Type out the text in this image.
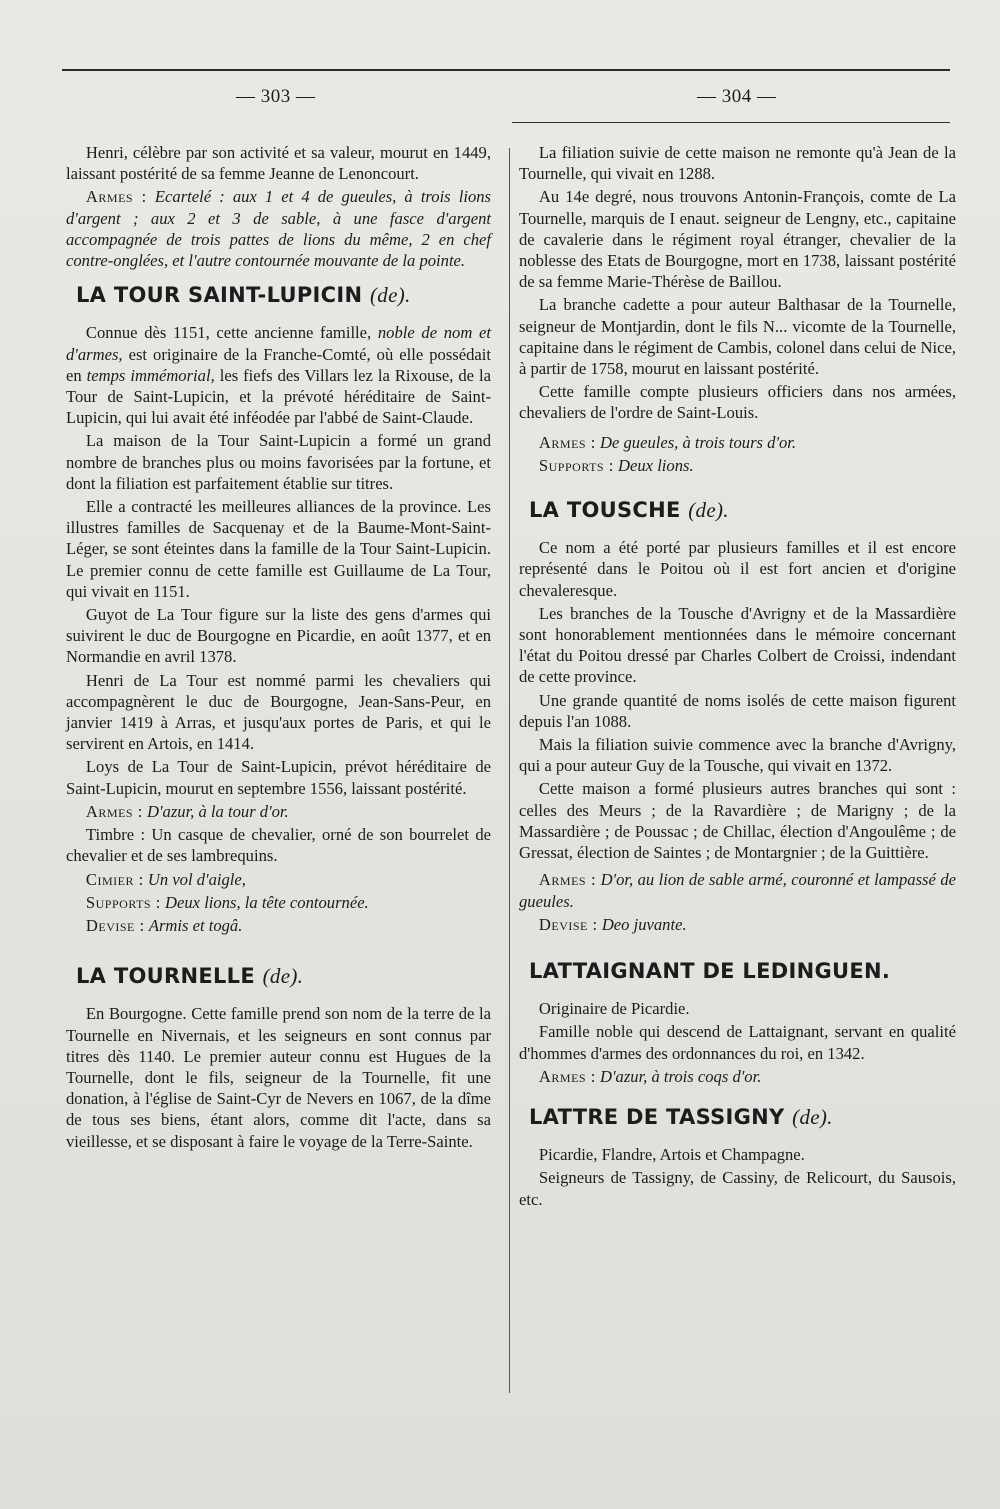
— 303 —	— 304 —

Henri, célèbre par son activité et sa valeur, mourut en 1449, laissant postérité de sa femme Jeanne de Lenoncourt.

Armes : Ecartelé : aux 1 et 4 de gueules, à trois lions d'argent ; aux 2 et 3 de sable, à une fasce d'argent accompagnée de trois pattes de lions du même, 2 en chef contre-onglées, et l'autre contournée mouvante de la pointe.

LA TOUR SAINT-LUPICIN (de).

Connue dès 1151, cette ancienne famille, noble de nom et d'armes, est originaire de la Franche-Comté, où elle possédait en temps immémorial, les fiefs des Villars lez la Rixouse, de la Tour de Saint-Lupicin, et la prévoté héréditaire de Saint-Lupicin, qui lui avait été inféodée par l'abbé de Saint-Claude.

La maison de la Tour Saint-Lupicin a formé un grand nombre de branches plus ou moins favorisées par la fortune, et dont la filiation est parfaitement établie sur titres.

Elle a contracté les meilleures alliances de la province. Les illustres familles de Sacquenay et de la Baume-Mont-Saint-Léger, se sont éteintes dans la famille de la Tour Saint-Lupicin. Le premier connu de cette famille est Guillaume de La Tour, qui vivait en 1151.

Guyot de La Tour figure sur la liste des gens d'armes qui suivirent le duc de Bourgogne en Picardie, en août 1377, et en Normandie en avril 1378.

Henri de La Tour est nommé parmi les chevaliers qui accompagnèrent le duc de Bourgogne, Jean-Sans-Peur, en janvier 1419 à Arras, et jusqu'aux portes de Paris, et qui le servirent en Artois, en 1414.

Loys de La Tour de Saint-Lupicin, prévot héréditaire de Saint-Lupicin, mourut en septembre 1556, laissant postérité.

Armes : D'azur, à la tour d'or.

Timbre : Un casque de chevalier, orné de son bourrelet de chevalier et de ses lambrequins.

Cimier : Un vol d'aigle,

Supports : Deux lions, la tête contournée.

Devise : Armis et togâ.

LA TOURNELLE (de).

En Bourgogne. Cette famille prend son nom de la terre de la Tournelle en Nivernais, et les seigneurs en sont connus par titres dès 1140. Le premier auteur connu est Hugues de la Tournelle, dont le fils, seigneur de la Tournelle, fit une donation, à l'église de Saint-Cyr de Nevers en 1067, de la dîme de tous ses biens, étant alors, comme dit l'acte, dans sa vieillesse, et se disposant à faire le voyage de la Terre-Sainte.

La filiation suivie de cette maison ne remonte qu'à Jean de la Tournelle, qui vivait en 1288.

Au 14e degré, nous trouvons Antonin-François, comte de La Tournelle, marquis de I enaut. seigneur de Lengny, etc., capitaine de cavalerie dans le régiment royal étranger, chevalier de la noblesse des Etats de Bourgogne, mort en 1738, laissant postérité de sa femme Marie-Thérèse de Baillou.

La branche cadette a pour auteur Balthasar de la Tournelle, seigneur de Montjardin, dont le fils N... vicomte de la Tournelle, capitaine dans le régiment de Cambis, colonel dans celui de Nice, à partir de 1758, mourut en laissant postérité.

Cette famille compte plusieurs officiers dans nos armées, chevaliers de l'ordre de Saint-Louis.

Armes : De gueules, à trois tours d'or.

Supports : Deux lions.

LA TOUSCHE (de).

Ce nom a été porté par plusieurs familles et il est encore représenté dans le Poitou où il est fort ancien et d'origine chevaleresque.

Les branches de la Tousche d'Avrigny et de la Massardière sont honorablement mentionnées dans le mémoire concernant l'état du Poitou dressé par Charles Colbert de Croissi, indendant de cette province.

Une grande quantité de noms isolés de cette maison figurent depuis l'an 1088.

Mais la filiation suivie commence avec la branche d'Avrigny, qui a pour auteur Guy de la Tousche, qui vivait en 1372.

Cette maison a formé plusieurs autres branches qui sont : celles des Meurs ; de la Ravardière ; de Marigny ; de la Massardière ; de Poussac ; de Chillac, élection d'Angoulême ; de Gressat, élection de Saintes ; de Montargnier ; de la Guittière.

Armes : D'or, au lion de sable armé, couronné et lampassé de gueules.

Devise : Deo juvante.

LATTAIGNANT DE LEDINGUEN.

Originaire de Picardie.

Famille noble qui descend de Lattaignant, servant en qualité d'hommes d'armes des ordonnances du roi, en 1342.

Armes : D'azur, à trois coqs d'or.

LATTRE DE TASSIGNY (de).

Picardie, Flandre, Artois et Champagne.

Seigneurs de Tassigny, de Cassiny, de Relicourt, du Sausois, etc.
